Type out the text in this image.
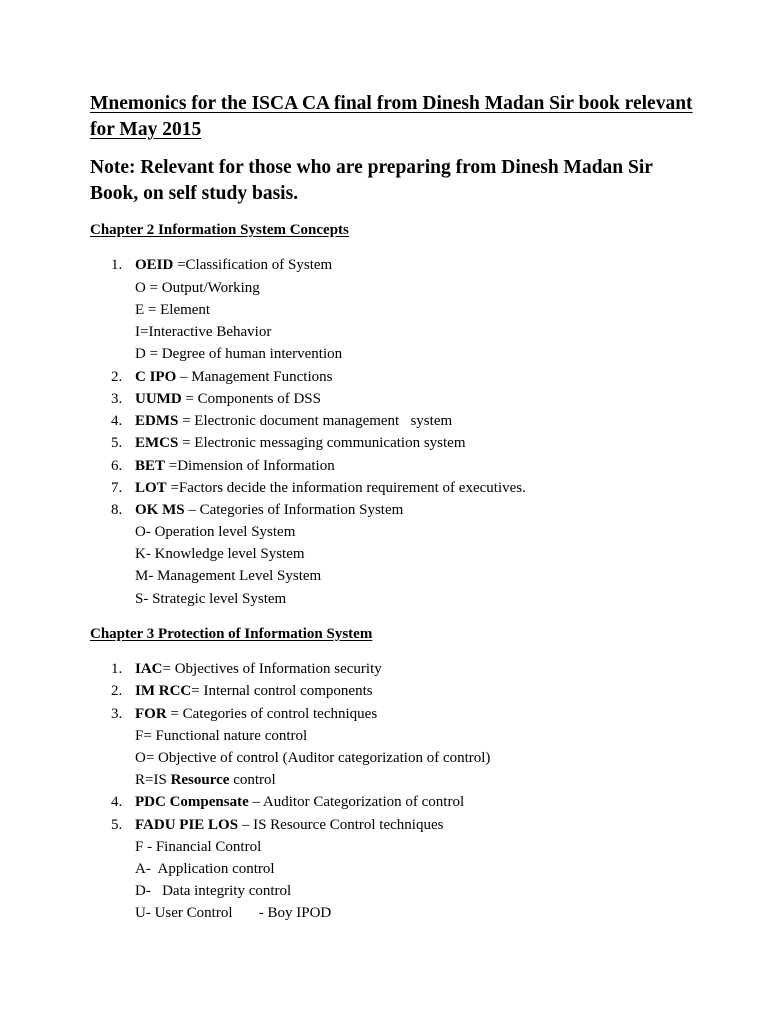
Mnemonics for the ISCA CA final from Dinesh Madan Sir book relevant
for May 2015
Note: Relevant for those who are preparing from Dinesh Madan Sir
Book, on self study basis.
Chapter 2 Information System Concepts
1. OEID =Classification of System
O = Output/Working
E = Element
I=Interactive Behavior
D = Degree of human intervention
2. C IPO – Management Functions
3. UUMD = Components of DSS
4. EDMS = Electronic document management   system
5. EMCS = Electronic messaging communication system
6. BET =Dimension of Information
7. LOT =Factors decide the information requirement of executives.
8. OK MS – Categories of Information System
O- Operation level System
K- Knowledge level System
M- Management Level System
S- Strategic level System
Chapter 3 Protection of Information System
1. IAC= Objectives of Information security
2. IM RCC= Internal control components
3. FOR = Categories of control techniques
F= Functional nature control
O= Objective of control (Auditor categorization of control)
R=IS Resource control
4. PDC Compensate – Auditor Categorization of control
5. FADU PIE LOS – IS Resource Control techniques
F - Financial Control
A-  Application control
D-   Data integrity control
U- User Control       - Boy IPOD
